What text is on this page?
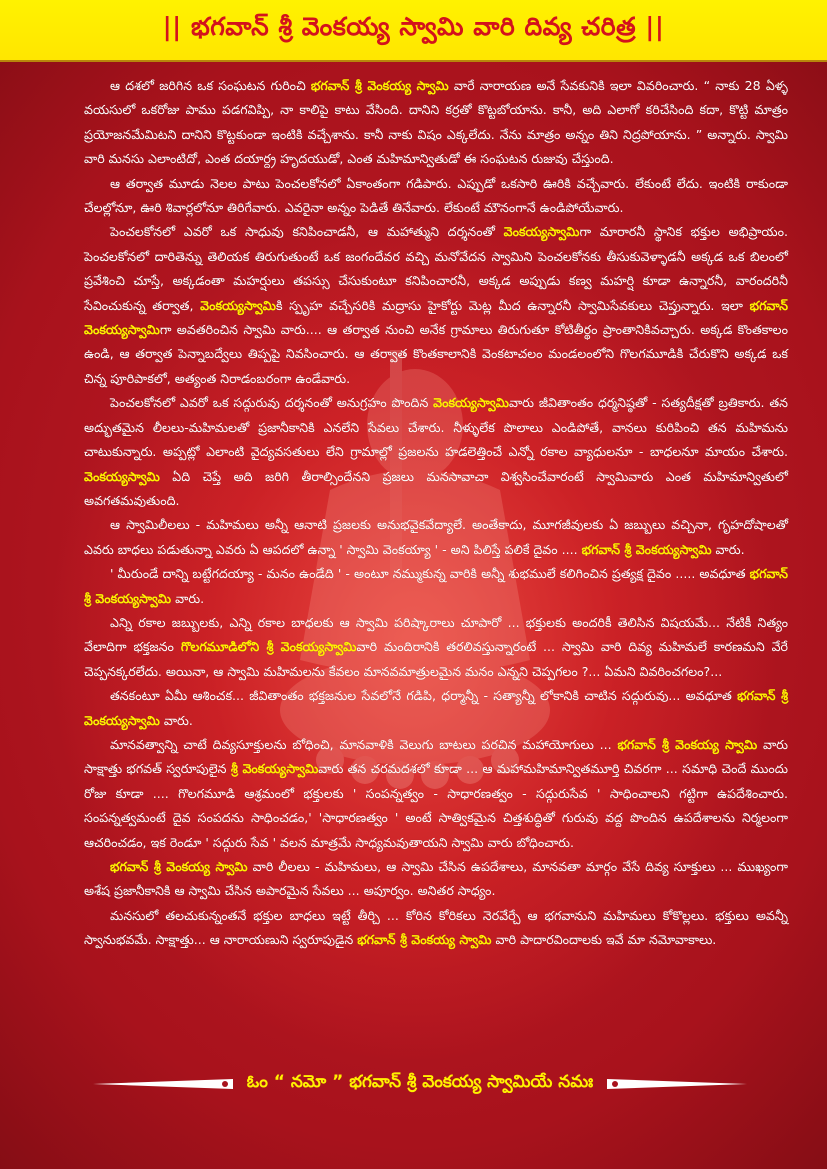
|| భగవాన్ శ్రీ వెంకయ్య స్వామి వారి దివ్య చరిత్ర ||

ఆ దశలో జరిగిన ఒక సంఘటన గురించి భగవాన్ శ్రీ వెంకయ్య స్వామి వారే నారాయణ అనే సేవకునికి ఇలా వివరించారు. “ నాకు 28 ఏళ్ళ వయసులో ఒకరోజు పాము పడగవిప్పి, నా కాలిపై కాటు వేసింది. దానిని కర్రతో కొట్టబోయాను. కానీ, అది ఎలాగో కరిచేసింది కదా, కొట్టి మాత్రం ప్రయోజనమేమిటని దానిని కొట్టకుండా ఇంటికి వచ్చేశాను. కానీ నాకు విషం ఎక్కలేదు. నేను మాత్రం అన్నం తిని నిద్రపోయాను. ” అన్నారు. స్వామి వారి మనసు ఎలాంటిదో, ఎంత దయార్ద్ర హృదయుడో, ఎంత మహిమాన్వితుడో ఈ సంఘటన రుజువు చేస్తుంది.

ఆ తర్వాత మూడు నెలల పాటు పెంచలకోనలో ఏకాంతంగా గడిపారు. ఎప్పుడో ఒకసారి ఊరికి వచ్చేవారు. లేకుంటే లేదు. ఇంటికి రాకుండా చేలల్లోనూ, ఊరి శివార్లలోనూ తిరిగేవారు. ఎవరైనా అన్నం పెడితే తినేవారు. లేకుంటే మౌనంగానే ఉండిపోయేవారు.

పెంచలకోనలో ఎవరో ఒక సాధువు కనిపించాడనీ, ఆ మహాత్ముని దర్శనంతో వెంకయ్యస్వామిగా మారారనీ స్థానిక భక్తుల అభిప్రాయం. పెంచలకోనలో దారితెన్ను తెలియక తిరుగుతుంటే ఒక జంగందేవర వచ్చి మనోవేదన స్వామిని పెంచలకోనకు తీసుకువెళ్ళాడనీ అక్కడ ఒక బిలంలో ప్రవేశించి చూస్తే, అక్కడంతా మహర్షులు తపస్సు చేసుకుంటూ కనిపించారనీ, అక్కడ అప్పుడు కణ్వ మహర్షి కూడా ఉన్నారనీ, వారందరినీ సేవించుకున్న తర్వాత, వెంకయ్యస్వామికి స్పృహ వచ్చేసరికి మద్రాసు హైకోర్టు మెట్ల మీద ఉన్నారనీ స్వామిసేవకులు చెప్తున్నారు. ఇలా భగవాన్ వెంకయ్యస్వామిగా అవతరించిన స్వామి వారు.... ఆ తర్వాత నుంచి అనేక గ్రామాలు తిరుగుతూ కోటితీర్థం ప్రాంతానికివచ్చారు. అక్కడ కొంతకాలం ఉండి, ఆ తర్వాత పెన్నాబద్వేలు తిప్పపై నివసించారు. ఆ తర్వాత కొంతకాలానికి వెంకటాచలం మండలంలోని గొలగమూడికి చేరుకొని అక్కడ ఒక చిన్న పూరిపాకలో, అత్యంత నిరాడంబరంగా ఉండేవారు.

పెంచలకోనలో ఎవరో ఒక సద్గురువు దర్శనంతో అనుగ్రహం పొందిన వెంకయ్యస్వామివారు జీవితాంతం ధర్మనిష్ఠతో - సత్యదీక్షతో బ్రతికారు. తన అద్భుతమైన లీలలు-మహిమలతో ప్రజానీకానికి ఎనలేని సేవలు చేశారు. నీళ్ళులేక పొలాలు ఎండిపోతే, వానలు కురిపించి తన మహిమను చాటుకున్నారు. అప్పట్లో ఎలాంటి వైద్యవసతులు లేని గ్రామాల్లో ప్రజలను హడలెత్తించే ఎన్నో రకాల వ్యాధులనూ - బాధలనూ మాయం చేశారు. వెంకయ్యస్వామి ఏది చెప్తే అది జరిగి తీరాల్సిందేనని ప్రజలు మనసావాచా విశ్వసించేవారంటే స్వామివారు ఎంత మహిమాన్వితులో అవగతమవుతుంది.

ఆ స్వామిలీలలు - మహిమలు అన్నీ ఆనాటి ప్రజలకు అనుభవైకవేద్యాలే. అంతేకాదు, మూగజీవులకు ఏ జబ్బులు వచ్చినా, గృహదోషాలతో ఎవరు బాధలు పడుతున్నా ఎవరు ఏ ఆపదలో ఉన్నా ' స్వామి వెంకయ్యా ' - అని పిలిస్తే పలికే దైవం .... భగవాన్ శ్రీ వెంకయ్యస్వామి వారు.

' మీరుండే దాన్ని బట్టేగదయ్యా - మనం ఉండేది ' - అంటూ నమ్ముకున్న వారికి అన్నీ శుభములే కలిగించిన ప్రత్యక్ష దైవం ..... అవధూత భగవాన్ శ్రీ వెంకయ్యస్వామి వారు.

ఎన్ని రకాల జబ్బులకు, ఎన్ని రకాల బాధలకు ఆ స్వామి పరిష్కారాలు చూపారో ... భక్తులకు అందరికీ తెలిసిన విషయమే... నేటికీ నిత్యం వేలాదిగా భక్తజనం గొలగమూడిలోని శ్రీ వెంకయ్యస్వామివారి మందిరానికి తరలివస్తున్నారంటే ... స్వామి వారి దివ్య మహిమలే కారణమని వేరే చెప్పనక్కరలేదు. అయినా, ఆ స్వామి మహిమలను కేవలం మానవమాత్రులమైన మనం ఎన్నని చెప్పగలం ?... ఏమని వివరించగలం?...

తనకంటూ ఏమీ ఆశించక... జీవితాంతం భక్తజనుల సేవలోనే గడిపి, ధర్మాన్నీ - సత్యాన్నీ లోకానికి చాటిన సద్గురువు... అవధూత భగవాన్ శ్రీ వెంకయ్యస్వామి వారు.

మానవత్వాన్ని చాటే దివ్యసూక్తులను బోధించి, మానవాళికి వెలుగు బాటలు పరచిన మహాయోగులు ... భగవాన్ శ్రీ వెంకయ్య స్వామి వారు సాక్షాత్తు భగవత్ స్వరూపులైన శ్రీ వెంకయ్యస్వామివారు తన చరమదశలో కూడా ... ఆ మహామహిమాన్వితమూర్తి చివరగా ... సమాధి చెందే ముందు రోజు కూడా .... గొలగమూడి ఆశ్రమంలో భక్తులకు ' సంపన్నత్వం - సాధారణత్వం - సద్గురుసేవ ' సాధించాలని గట్టిగా ఉపదేశించారు. సంపన్నత్వమంటే దైవ సంపదను సాధించడం,' 'సాధారణత్వం ' అంటే సాత్వికమైన చిత్తశుద్ధితో గురువు వద్ద పొందిన ఉపదేశాలను నిర్మలంగా ఆచరించడం, ఇక రెండూ ' సద్గురు సేవ ' వలన మాత్రమే సాధ్యమవుతాయని స్వామి వారు బోధించారు.

భగవాన్ శ్రీ వెంకయ్య స్వామి వారి లీలలు - మహిమలు, ఆ స్వామి చేసిన ఉపదేశాలు, మానవతా మార్గం వేసే దివ్య సూక్తులు ... ముఖ్యంగా అశేష ప్రజానీకానికి ఆ స్వామి చేసిన అపారమైన సేవలు ... అపూర్వం. అనితర సాధ్యం.

మనసులో తలచుకున్నంతనే భక్తుల బాధలు ఇట్టే తీర్చి ... కోరిన కోరికలు నెరవేర్చే ఆ భగవానుని మహిమలు కోకొల్లలు. భక్తులు అవన్నీ స్వానుభవమే. సాక్షాత్తు... ఆ నారాయణుని స్వరూపుడైన భగవాన్ శ్రీ వెంకయ్య స్వామి వారి పాదారవిందాలకు ఇవే మా నమోవాకాలు.

ఓం “ నమో ” భగవాన్ శ్రీ వెంకయ్య స్వామియే నమః
